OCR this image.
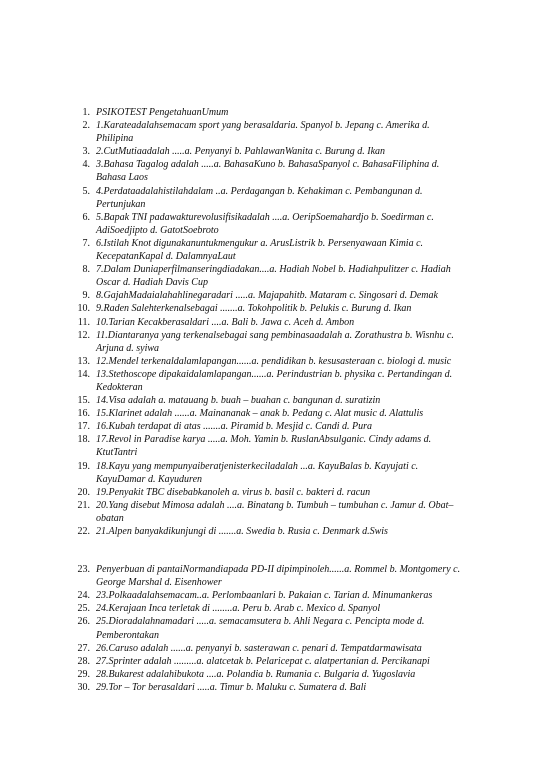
1. PSIKOTEST PengetahuanUmum
2. 1.Karateadalahsemacam sport yang berasaldaria. Spanyol b. Jepang c. Amerika d. Philipina
3. 2.CutMutiaadalah .....a. Penyanyi b. PahlawanWanita c. Burung d. Ikan
4. 3.Bahasa Tagalog adalah .....a. BahasaKuno b. BahasaSpanyol c. BahasaFiliphina d. Bahasa Laos
5. 4.Perdataadalahistilahdalam ..a. Perdagangan b. Kehakiman c. Pembangunan d. Pertunjukan
6. 5.Bapak TNI padawakturevolusifisikadalah ....a. OeripSoemahardjo b. Soedirman c. AdiSoedjipto d. GatotSoebroto
7. 6.Istilah Knot digunakanuntukmengukur a. ArusListrik b. Persenyawaan Kimia c. KecepatanKapal d. DalamnyaLaut
8. 7.Dalam Duniaperfilmanseringdiadakan....a. Hadiah Nobel b. Hadiahpulitzer c. Hadiah Oscar d. Hadiah Davis Cup
9. 8.GajahMadaialahahlinegaradari .....a. Majapahitb. Mataram c. Singosari d. Demak
10. 9.Raden Salehterkenalsebagai .......a. Tokohpolitik b. Pelukis c. Burung d. Ikan
11. 10.Tarian Kecakberasaldari ....a. Bali b. Jawa c. Aceh d. Ambon
12. 11.Diantaranya yang terkenalsebagai sang pembinasaadalah a. Zorathustra b. Wisnhu c. Arjuna d. syiwa
13. 12.Mendel terkenaldalamlapangan......a. pendidikan b. kesusasteraan c. biologi d. music
14. 13.Stethoscope dipakaidalamlapangan......a. Perindustrian b. physika c. Pertandingan d. Kedokteran
15. 14.Visa adalah a. matauang b. buah – buahan c. bangunan d. suratizin
16. 15.Klarinet adalah ......a. Mainananak – anak b. Pedang c. Alat music d. Alattulis
17. 16.Kubah terdapat di atas .......a. Piramid b. Mesjid c. Candi d. Pura
18. 17.Revol in Paradise karya .....a. Moh. Yamin b. RuslanAbsulganic. Cindy adams d. KtutTantri
19. 18.Kayu yang mempunyaiberatjenisterkeciladalah ...a. KayuBalas b. Kayujati c. KayuDamar d. Kayuduren
20. 19.Penyakit TBC disebabkanoleh a. virus b. basil c. bakteri d. racun
21. 20.Yang disebut Mimosa adalah ....a. Binatang b. Tumbuh – tumbuhan c. Jamur d. Obat– obatan
22. 21.Alpen banyakdikunjungi di .......a. Swedia b. Rusia c. Denmark d.Swis
23. Penyerbuan di pantaiNormandiapada PD-II dipimpinoleh......a. Rommel b. Montgomery c. George Marshal d. Eisenhower
24. 23.Polkaadalahsemacam..a. Perlombaanlari b. Pakaian c. Tarian d. Minumankeras
25. 24.Kerajaan Inca terletak di ........a. Peru b. Arab c. Mexico d. Spanyol
26. 25.Dioradalahnamadari .....a. semacamsutera b. Ahli Negara c. Pencipta mode d. Pemberontakan
27. 26.Caruso adalah ......a. penyanyi b. sasterawan c. penari d. Tempatdarmawisata
28. 27.Sprinter adalah .........a. alatcetak b. Pelaricepat c. alatpertanian d. Percikanapi
29. 28.Bukarest adalahibukota ....a. Polandia b. Rumania c. Bulgaria d. Yugoslavia
30. 29.Tor – Tor berasaldari .....a. Timur b. Maluku c. Sumatera d. Bali
